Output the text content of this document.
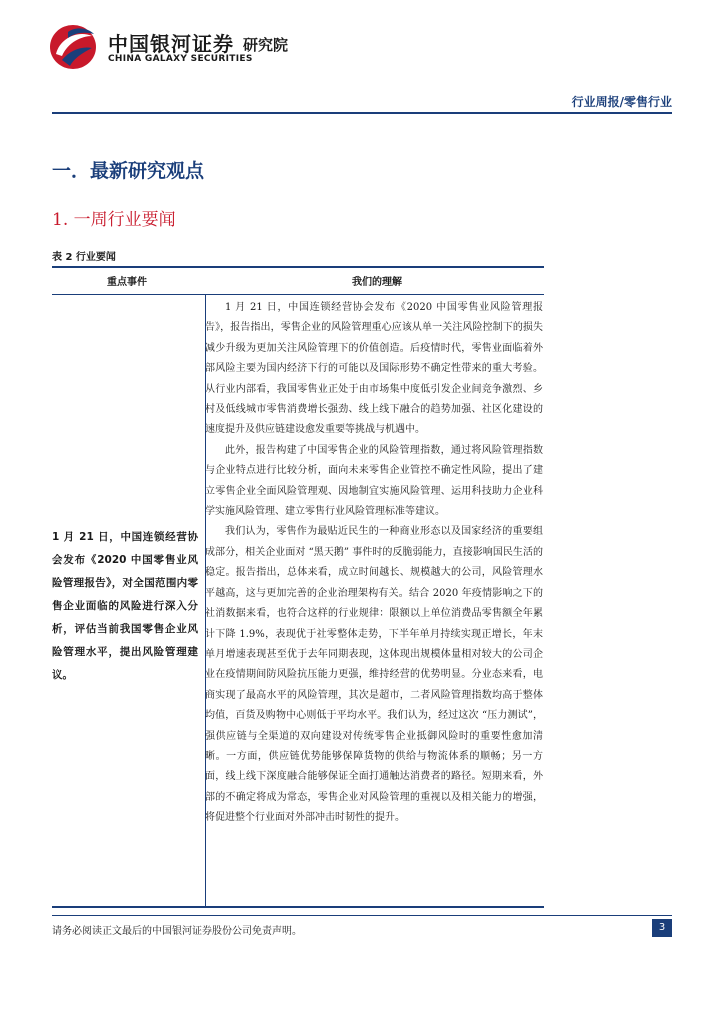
中国银河证券 研究院
CHINA GALAXY SECURITIES
行业周报/零售行业
一．最新研究观点
1. 一周行业要闻
表 2 行业要闻
重点事件	我们的理解
1 月 21 日，中国连锁经营协会发布《2020 中国零售业风险管理报告》，对全国范围内零售企业面临的风险进行深入分析，评估当前我国零售企业风险管理水平，提出风险管理建议。

1 月 21 日，中国连锁经营协会发布《2020 中国零售业风险管理报告》，报告指出，零售企业的风险管理重心应该从单一关注风险控制下的损失减少升级为更加关注风险管理下的价值创造。后疫情时代，零售业面临着外部风险主要为国内经济下行的可能以及国际形势不确定性带来的重大考验。从行业内部看，我国零售业正处于由市场集中度低引发企业间竞争激烈、乡村及低线城市零售消费增长强劲、线上线下融合的趋势加强、社区化建设的速度提升及供应链建设愈发重要等挑战与机遇中。

此外，报告构建了中国零售企业的风险管理指数，通过将风险管理指数与企业特点进行比较分析，面向未来零售企业管控不确定性风险，提出了建立零售企业全面风险管理观、因地制宜实施风险管理、运用科技助力企业科学实施风险管理、建立零售行业风险管理标准等建议。

我们认为，零售作为最贴近民生的一种商业形态以及国家经济的重要组成部分，相关企业面对 “黑天鹅” 事件时的反脆弱能力，直接影响国民生活的稳定。报告指出，总体来看，成立时间越长、规模越大的公司，风险管理水平越高，这与更加完善的企业治理架构有关。结合 2020 年疫情影响之下的社消数据来看，也符合这样的行业规律：限额以上单位消费品零售额全年累计下降 1.9%，表现优于社零整体走势，下半年单月持续实现正增长，年末单月增速表现甚至优于去年同期表现，这体现出规模体量相对较大的公司企业在疫情期间防风险抗压能力更强，维持经营的优势明显。分业态来看，电商实现了最高水平的风险管理，其次是超市，二者风险管理指数均高于整体均值，百货及购物中心则低于平均水平。我们认为，经过这次 “压力测试”，强供应链与全渠道的双向建设对传统零售企业抵御风险时的重要性愈加清晰。一方面，供应链优势能够保障货物的供给与物流体系的顺畅；另一方面，线上线下深度融合能够保证全面打通触达消费者的路径。短期来看，外部的不确定将成为常态，零售企业对风险管理的重视以及相关能力的增强，将促进整个行业面对外部冲击时韧性的提升。

请务必阅读正文最后的中国银河证券股份公司免责声明。	3
